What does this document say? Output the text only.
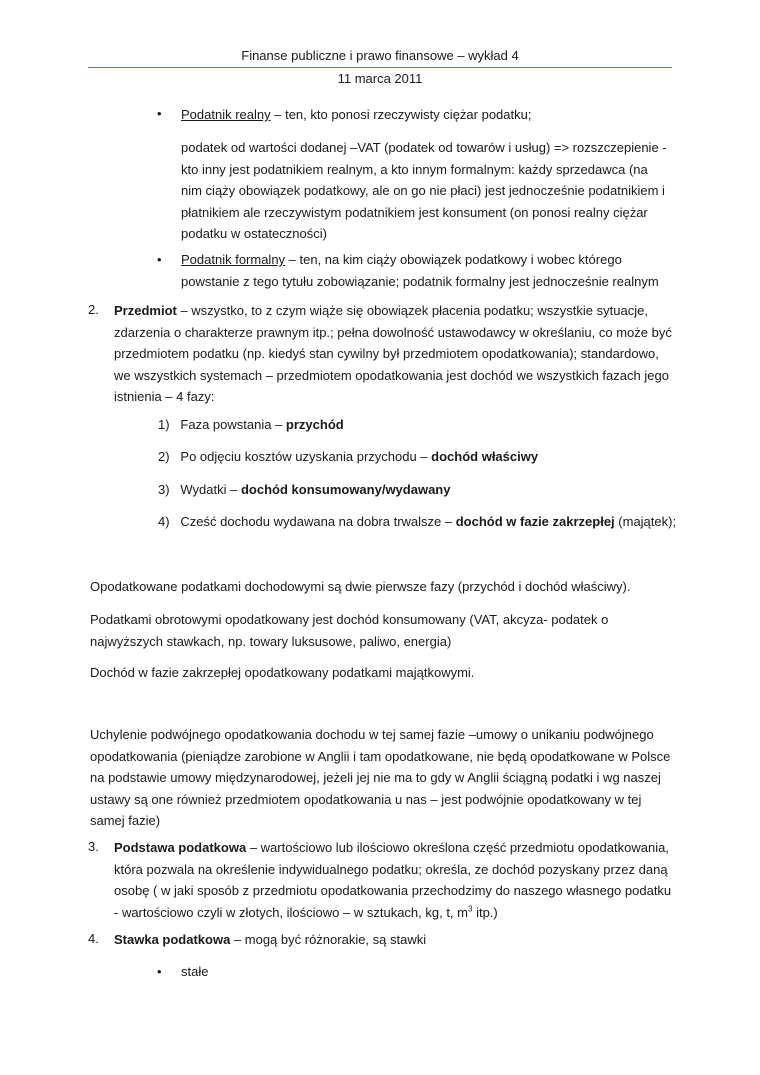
Finanse publiczne i prawo finansowe – wykład 4
11 marca 2011
• Podatnik realny – ten, kto ponosi rzeczywisty ciężar podatku;

podatek od wartości dodanej –VAT (podatek od towarów i usług) => rozszczepienie - kto inny jest podatnikiem realnym, a kto innym formalnym: każdy sprzedawca (na nim ciąży obowiązek podatkowy, ale on go nie płaci) jest jednocześnie podatnikiem i płatnikiem ale rzeczywistym podatnikiem jest konsument (on ponosi realny ciężar podatku w ostateczności)

• Podatnik formalny – ten, na kim ciąży obowiązek podatkowy i wobec którego powstanie z tego tytułu zobowiązanie; podatnik formalny jest jednocześnie realnym

2. Przedmiot – wszystko, to z czym wiąże się obowiązek płacenia podatku; wszystkie sytuacje, zdarzenia o charakterze prawnym itp.; pełna dowolność ustawodawcy w określaniu, co może być przedmiotem podatku (np. kiedyś stan cywilny był przedmiotem opodatkowania); standardowo, we wszystkich systemach – przedmiotem opodatkowania jest dochód we wszystkich fazach jego istnienia – 4 fazy:

1) Faza powstania – przychód
2) Po odjęciu kosztów uzyskania przychodu – dochód właściwy
3) Wydatki – dochód konsumowany/wydawany
4) Cześć dochodu wydawana na dobra trwalsze – dochód w fazie zakrzepłej (majątek);

Opodatkowane podatkami dochodowymi są dwie pierwsze fazy (przychód i dochód właściwy).

Podatkami obrotowymi opodatkowany jest dochód konsumowany (VAT, akcyza- podatek o najwyższych stawkach, np. towary luksusowe, paliwo, energia)

Dochód w fazie zakrzepłej opodatkowany podatkami majątkowymi.

Uchylenie podwójnego opodatkowania dochodu w tej samej fazie –umowy o unikaniu podwójnego opodatkowania (pieniądze zarobione w Anglii i tam opodatkowane, nie będą opodatkowane w Polsce na podstawie umowy międzynarodowej, jeżeli jej nie ma to gdy w Anglii ściągną podatki i wg naszej ustawy są one również przedmiotem opodatkowania u nas – jest podwójnie opodatkowany w tej samej fazie)

3. Podstawa podatkowa – wartościowo lub ilościowo określona część przedmiotu opodatkowania, która pozwala na określenie indywidualnego podatku; określa, ze dochód pozyskany przez daną osobę ( w jaki sposób z przedmiotu opodatkowania przechodzimy do naszego własnego podatku - wartościowo czyli w złotych, ilościowo – w sztukach, kg, t, $m^3$ itp.)

4. Stawka podatkowa – mogą być różnorakie, są stawki

• stałe
